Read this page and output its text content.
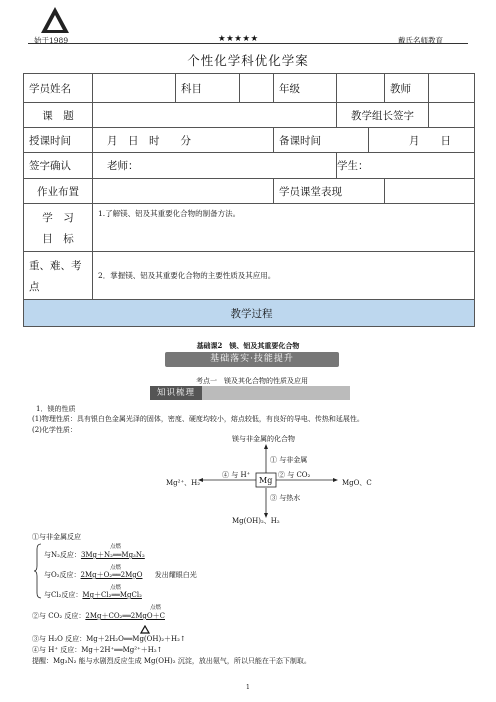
始于1989	★★★★★	戴氏名师教育
个性化学科优化学案
学员姓名		科目		年级			教师	
课　题					教学组长签字			
授课时间	月　日　时　　分			备课时间		月　　日		
签字确认	老师：				学生：			
作业布置				学员课堂表现				

学　习
目　标	1.了解镁、铝及其重要化合物的制备方法。							

重、难、考
点	2．掌握镁、铝及其重要化合物的主要性质及其应用。							
教学过程								
基础课2　镁、铝及其重要化合物
基础落实·技能提升
考点一　镁及其化合物的性质及应用
知识梳理
1．镁的性质
(1)物理性质：具有银白色金属光泽的固体，密度、硬度均较小，熔点较低，有良好的导电、传热和延展性。
(2)化学性质：
镁与非金属的化合物
① 与非金属
② 与 CO₂
④ 与 H⁺
③ 与热水
Mg²⁺、H₂	Mg	MgO、C
Mg(OH)₂、H₂
①与非金属反应
点燃
与N₂反应：3Mg＋N₂══Mg₃N₂
点燃
与O₂反应：2Mg＋O₂══2MgO 发出耀眼白光
点燃
与Cl₂反应：Mg＋Cl₂══MgCl₂
点燃
②与 CO₂ 反应：2Mg＋CO₂══2MgO＋C
③与 H₂O 反应：Mg＋2H₂O══Mg(OH)₂＋H₂↑
④与 H⁺ 反应：Mg＋2H⁺══Mg²⁺＋H₂↑
提醒：Mg₃N₂ 能与水剧烈反应生成 Mg(OH)₂ 沉淀，放出氨气，所以只能在干态下制取。
1
